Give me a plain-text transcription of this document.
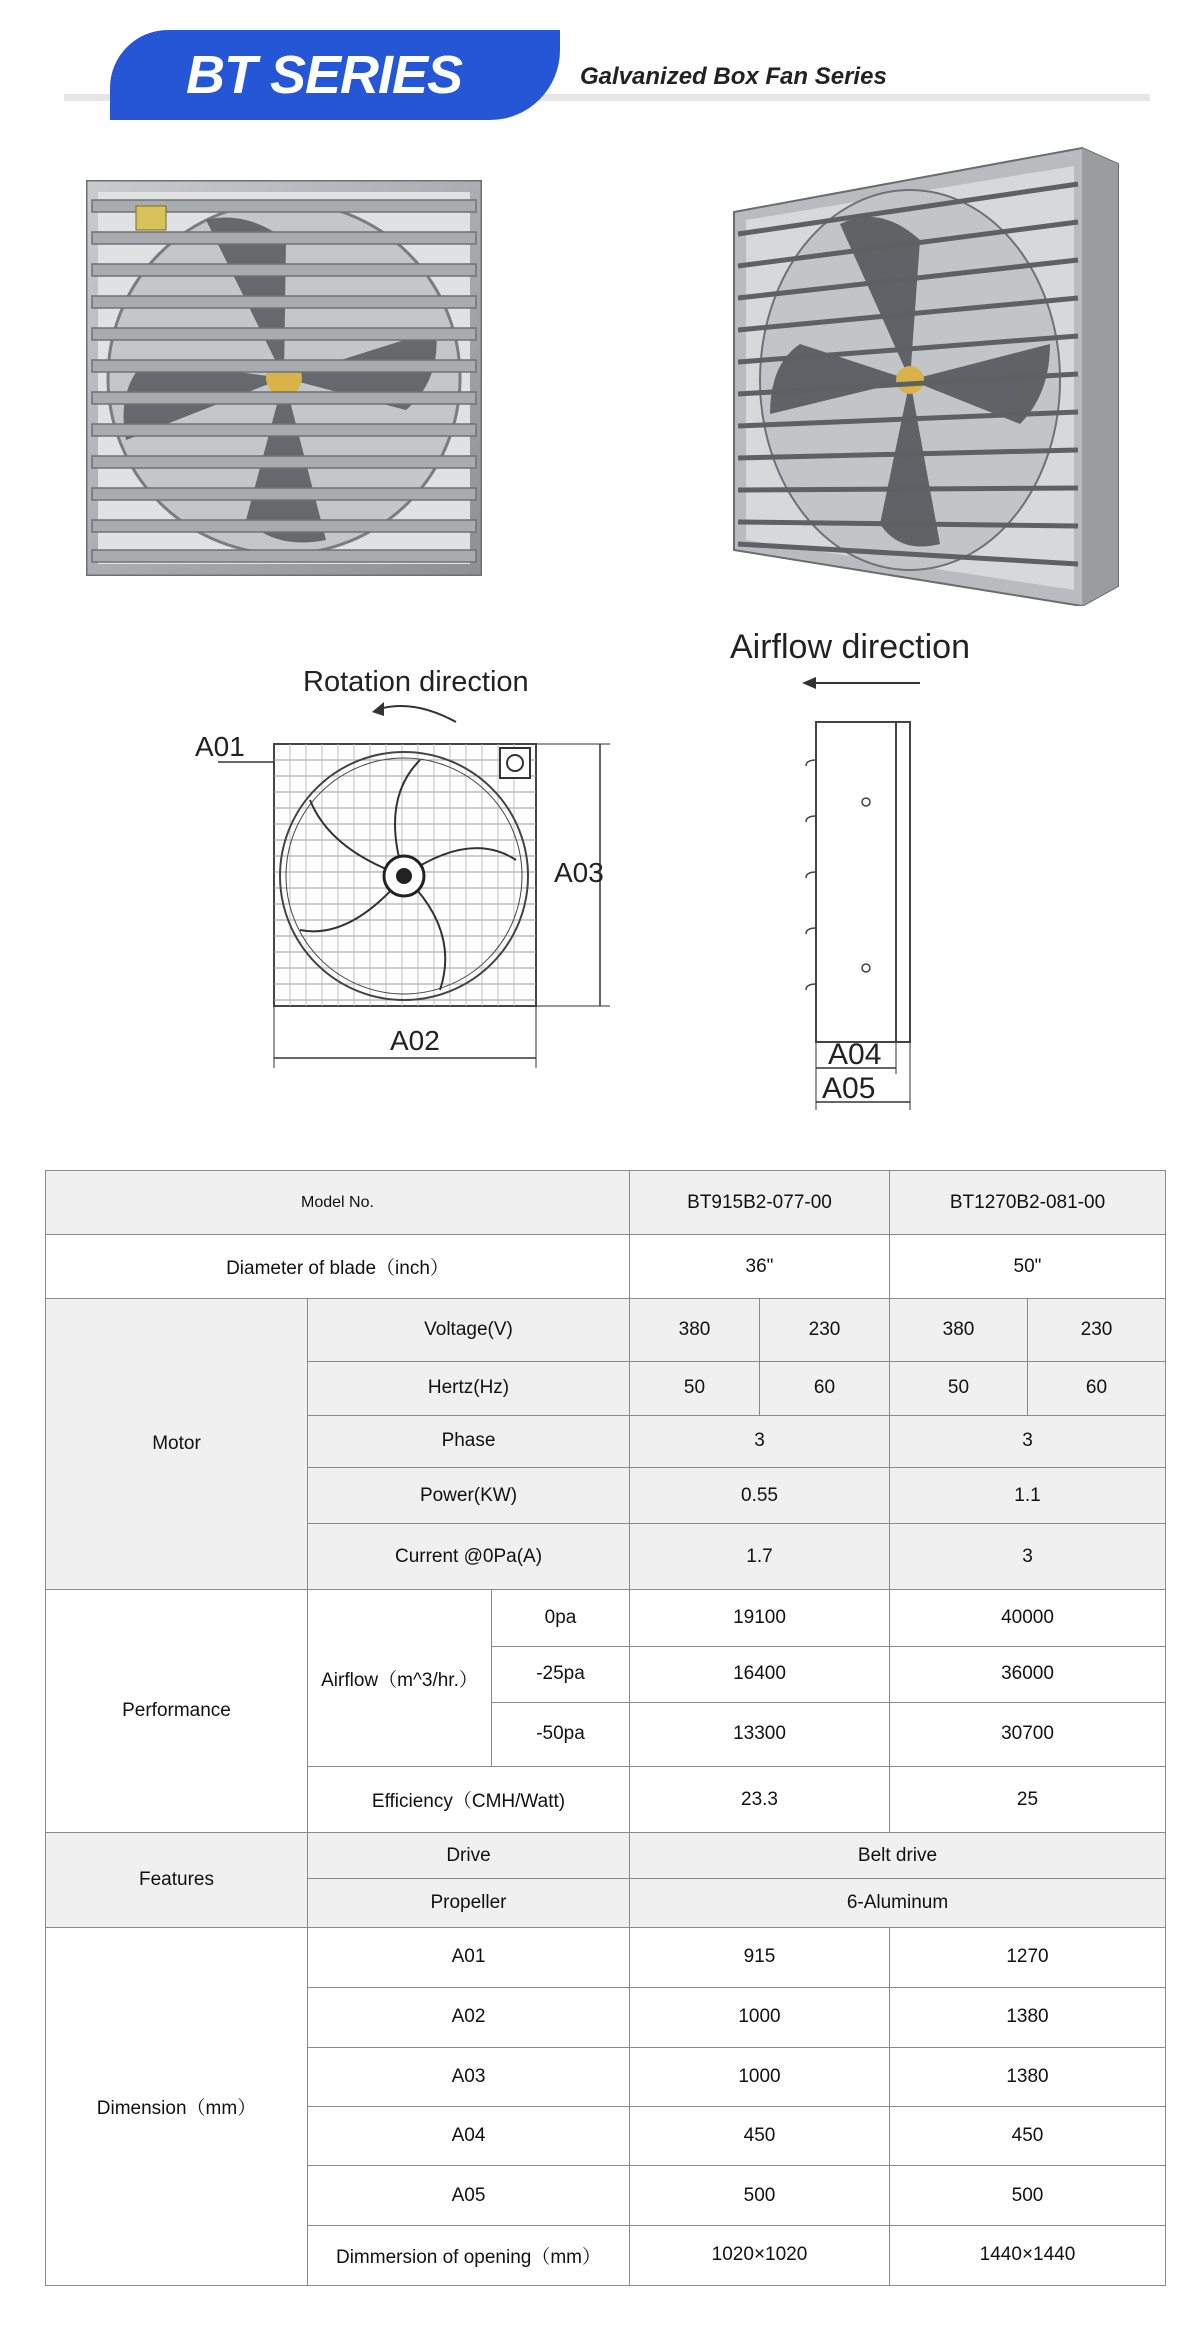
BT SERIES	Galvanized Box Fan Series
Rotation direction
A01
A03
A02
Airflow direction
A04
A05
Model No.			BT915B2-077-00		BT1270B2-081-00	
Diameter of blade（inch）			36"		50"	
Motor	Voltage(V)		380	230	380	230
	Hertz(Hz)		50	60	50	60
	Phase		3		3	
	Power(KW)		0.55		1.1	
	Current @0Pa(A)		1.7		3	
Performance	Airflow（m^3/hr.）	0pa	19100		40000	
		-25pa	16400		36000	
		-50pa	13300		30700	
	Efficiency（CMH/Watt)		23.3		25	
Features	Drive		Belt drive			
	Propeller		6-Aluminum			
Dimension（mm）	A01		915		1270	
	A02		1000		1380	
	A03		1000		1380	
	A04		450		450	
	A05		500		500	
	Dimmersion of opening（mm）		1020×1020		1440×1440	
